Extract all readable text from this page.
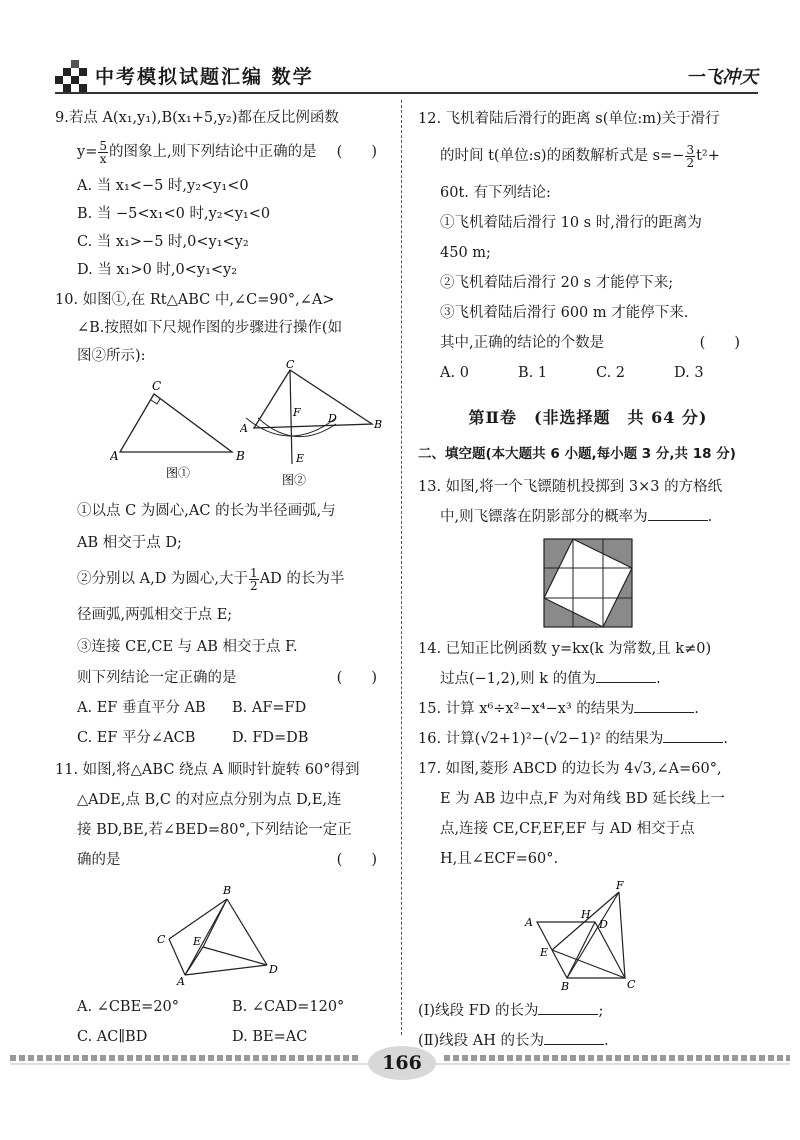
中考模拟试题汇编 数学	一飞冲天

9.若点 A(x₁,y₁),B(x₁+5,y₂)都在反比例函数

$y= \frac{5}{x}$ 的图象上,则下列结论中正确的是 (　　)

A. 当 x₁<−5 时,y₂<y₁<0

B. 当 −5<x₁<0 时,y₂<y₁<0

C. 当 x₁>−5 时,0<y₁<y₂

D. 当 x₁>0 时,0<y₁<y₂

10. 如图①,在 Rt△ABC 中,∠C=90°,∠A>

∠B.按照如下尺规作图的步骤进行操作(如

图②所示):

A
C
B
图①
C
F D
A	B
E
图②

①以点 C 为圆心,AC 的长为半径画弧,与

AB 相交于点 D;

②分别以 A,D 为圆心,大于 $\frac{1}{2}$ AD 的长为半

径画弧,两弧相交于点 E;

③连接 CE,CE 与 AB 相交于点 F.

则下列结论一定正确的是	(　　)

A. EF 垂直平分 AB	B. AF=FD
C. EF 平分∠ACB	D. FD=DB

11. 如图,将△ABC 绕点 A 顺时针旋转 60°得到

△ADE,点 B,C 的对应点分别为点 D,E,连

接 BD,BE,若∠BED=80°,下列结论一定正

确的是	(　　)

B
C	E
A
D
A. ∠CBE=20°	B. ∠CAD=120°
C. AC∥BD	D. BE=AC

12. 飞机着陆后滑行的距离 s(单位:m)关于滑行

的时间 t(单位:s)的函数解析式是 $s=- \frac{3}{2} t^2+$

60t. 有下列结论:

①飞机着陆后滑行 10 s 时,滑行的距离为

450 m;

②飞机着陆后滑行 20 s 才能停下来;

③飞机着陆后滑行 600 m 才能停下来.

其中,正确的结论的个数是	(　　)

A. 0	B. 1	C. 2	D. 3
第Ⅱ卷　(非选择题　共 64 分)
二、填空题(本大题共 6 小题,每小题 3 分,共 18 分)

13. 如图,将一个飞镖随机投掷到 3×3 的方格纸

中,则飞镖落在阴影部分的概率为	.

14. 已知正比例函数 y=kx(k 为常数,且 k≠0)

过点(−1,2),则 k 的值为	.

15. 计算 x⁶÷x²−x⁴−x³ 的结果为	.

16. 计算(√2+1)²−(√2−1)² 的结果为	.

17. 如图,菱形 ABCD 的边长为 4√3,∠A=60°,

E 为 AB 边中点,F 为对角线 BD 延长线上一

点,连接 CE,CF,EF,EF 与 AD 相交于点

H,且∠ECF=60°.

F
A
H
D
E
B	C

(Ⅰ)线段 FD 的长为	;

(Ⅱ)线段 AH 的长为	.

166
